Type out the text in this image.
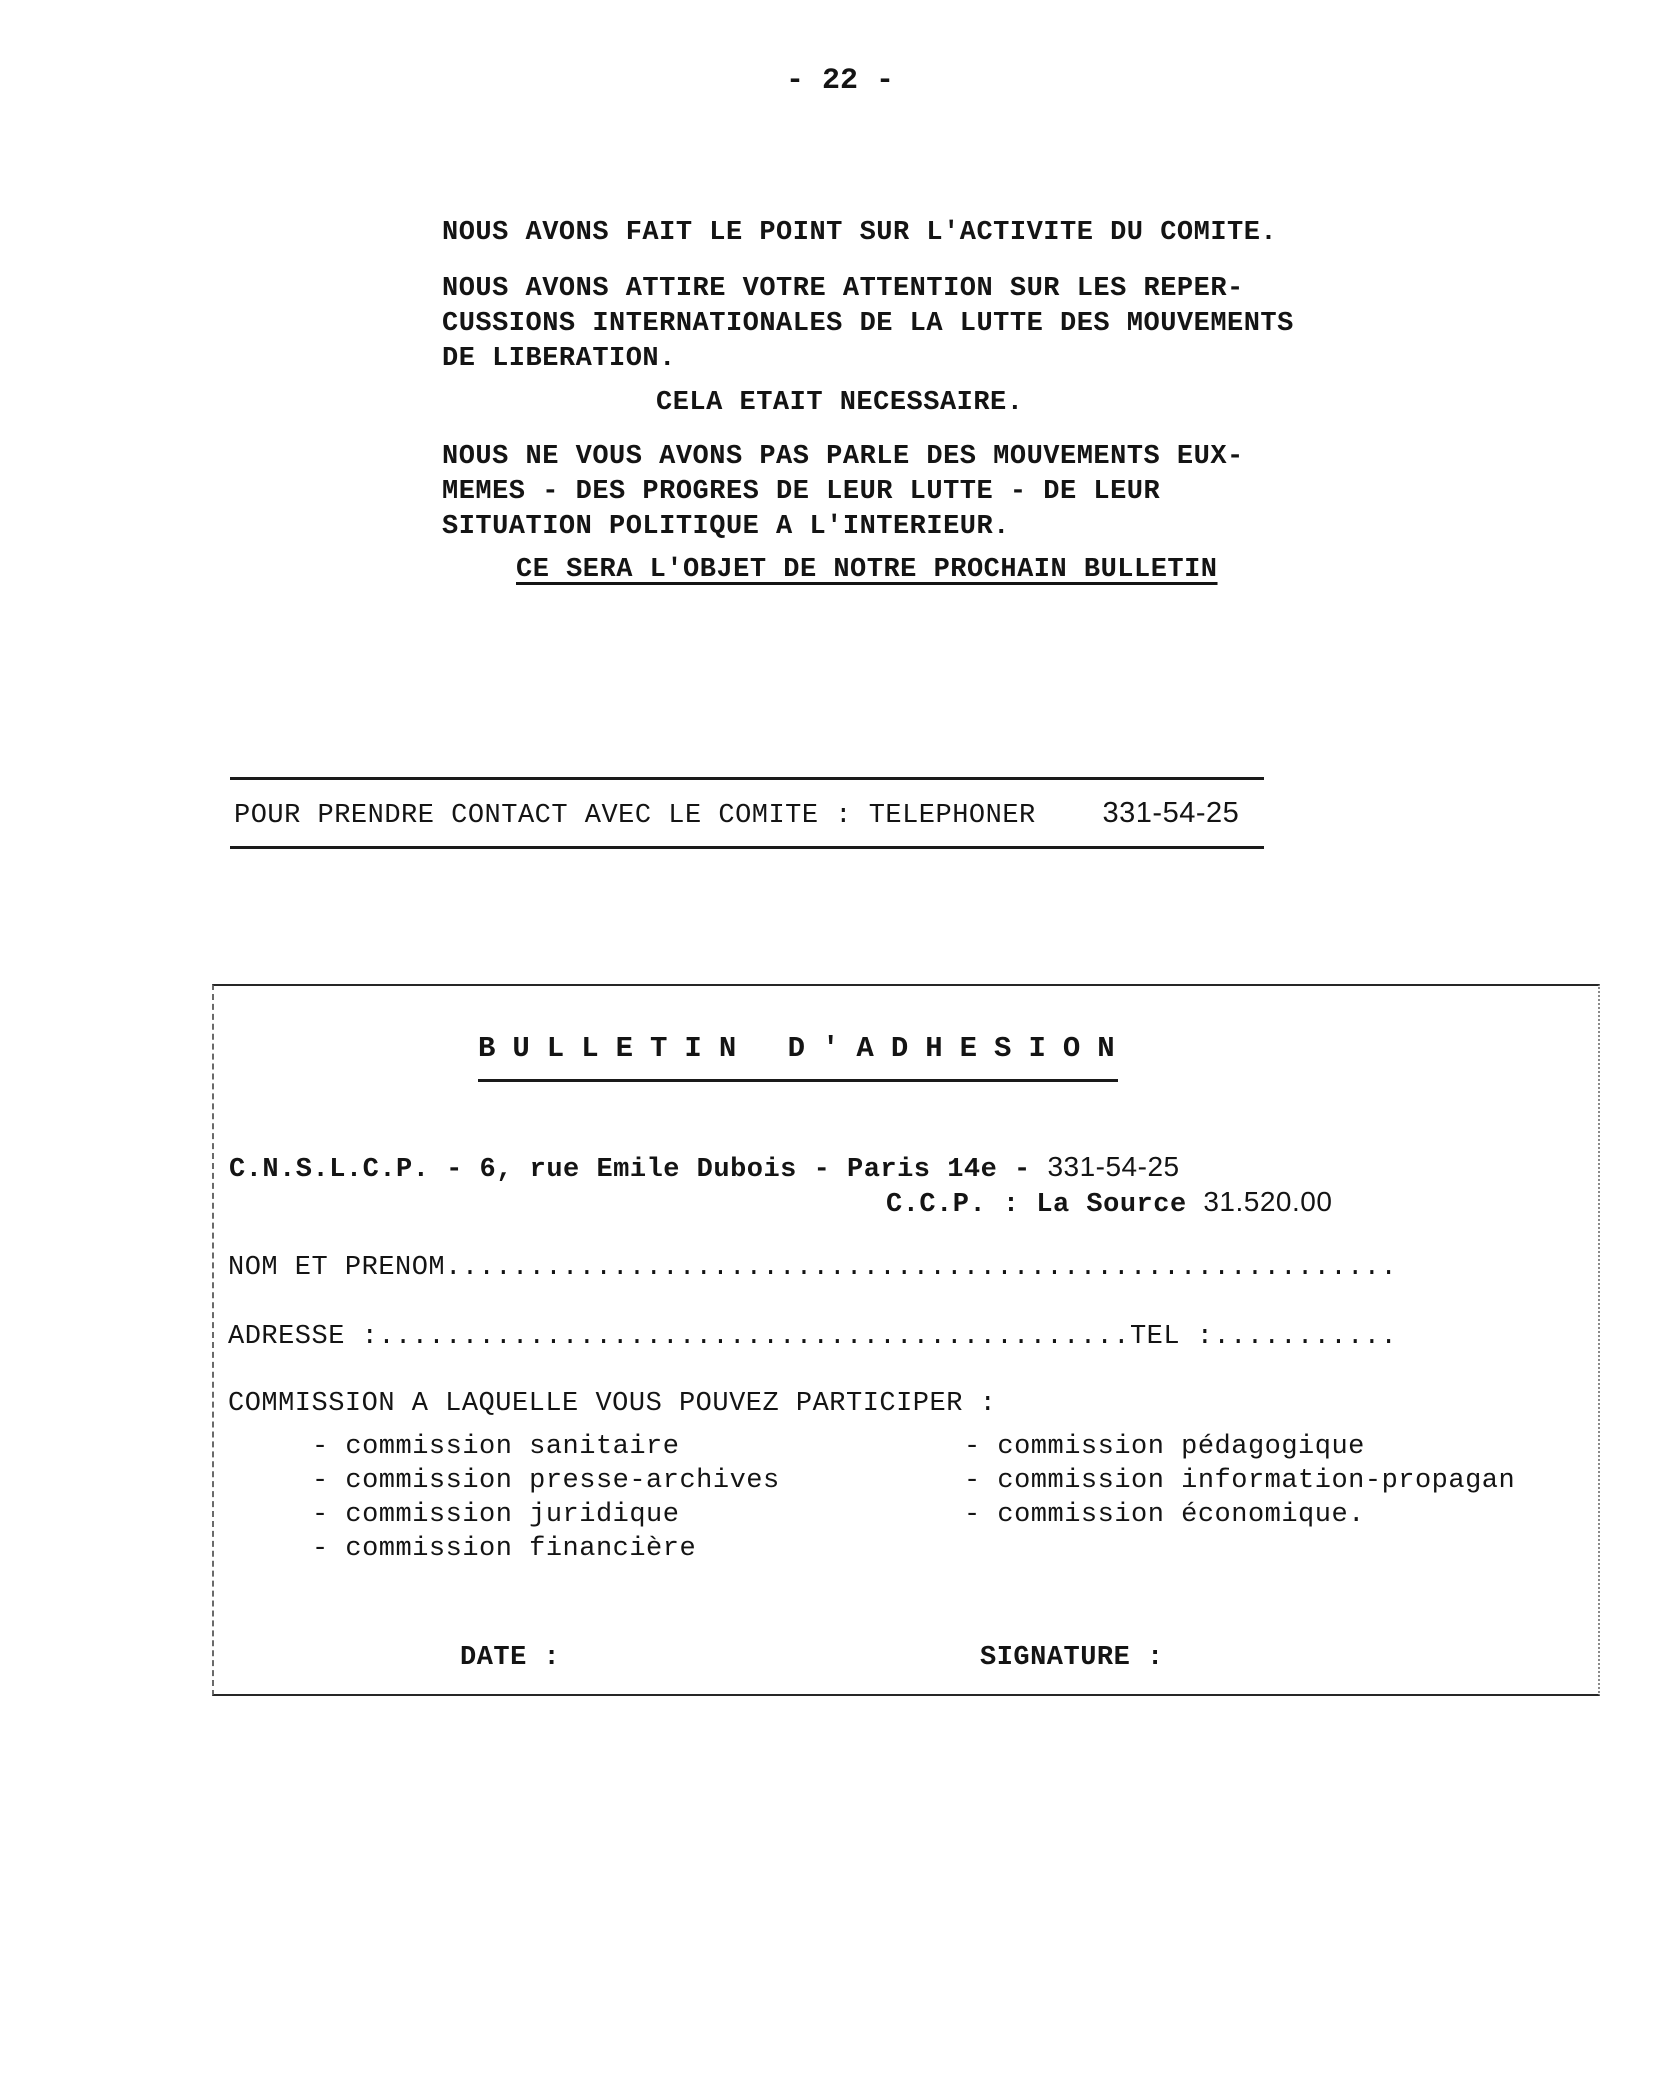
- 22 -
NOUS AVONS FAIT LE POINT SUR L'ACTIVITE DU COMITE.
NOUS AVONS ATTIRE VOTRE ATTENTION SUR LES REPER-
CUSSIONS INTERNATIONALES DE LA LUTTE DES MOUVEMENTS
DE LIBERATION.
CELA ETAIT NECESSAIRE.
NOUS NE VOUS AVONS PAS PARLE DES MOUVEMENTS EUX-
MEMES - DES PROGRES DE LEUR LUTTE - DE LEUR
SITUATION POLITIQUE A L'INTERIEUR.
CE SERA L'OBJET DE NOTRE PROCHAIN BULLETIN
POUR PRENDRE CONTACT AVEC LE COMITE : TELEPHONER 331-54-25
BULLETIN D'ADHESION
C.N.S.L.C.P. - 6, rue Emile Dubois - Paris 14e - 331-54-25
C.C.P. : La Source 31.520.00
NOM ET PRENOM.........................................................
ADRESSE :.............................................TEL :...........
COMMISSION A LAQUELLE VOUS POUVEZ PARTICIPER :
- commission sanitaire
- commission presse-archives
- commission juridique
- commission financière
- commission pédagogique
- commission information-propagan
- commission économique.
DATE :	SIGNATURE :
